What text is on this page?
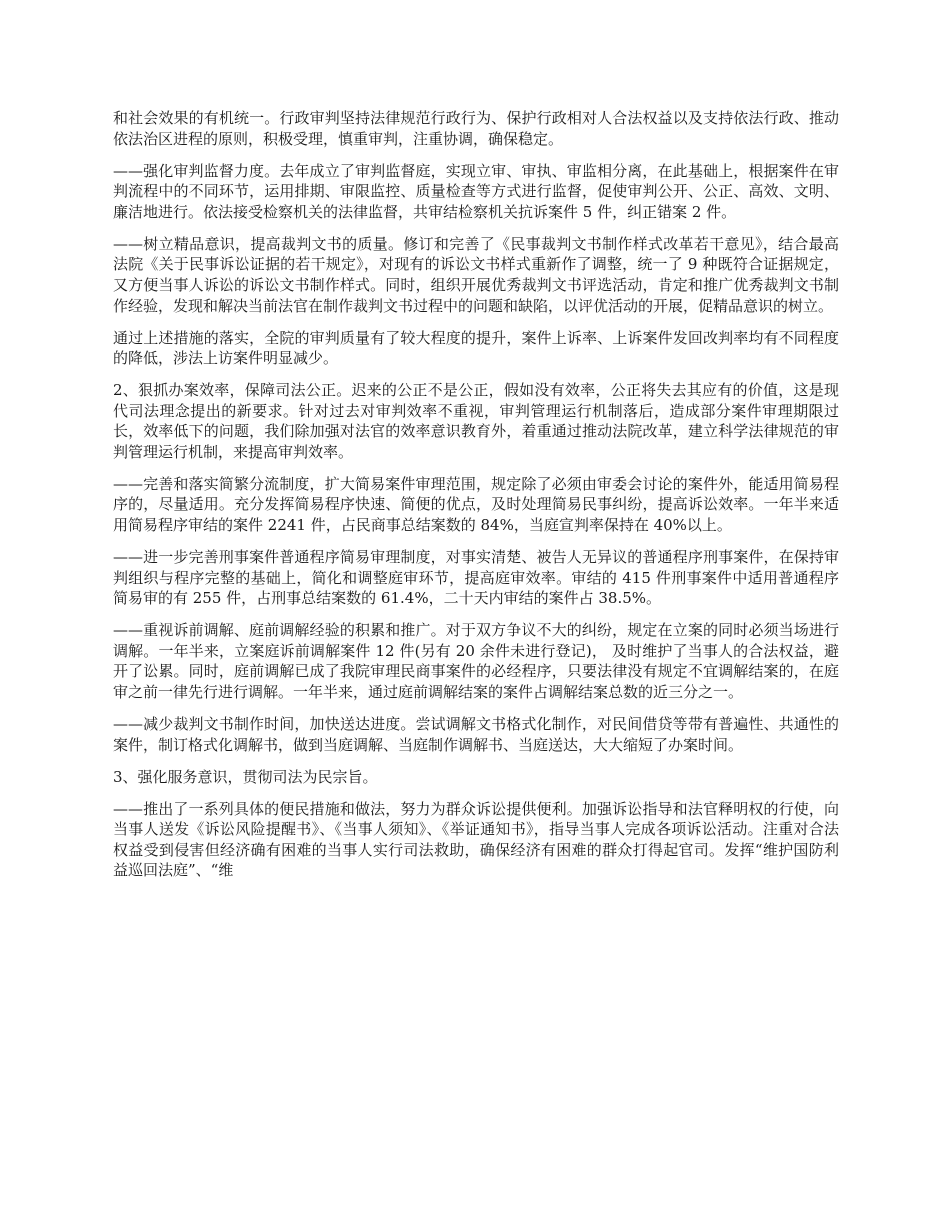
和社会效果的有机统一。行政审判坚持法律规范行政行为、保护行政相对人合法权益以及支持依法行政、推动依法治区进程的原则，积极受理，慎重审判，注重协调，确保稳定。

——强化审判监督力度。去年成立了审判监督庭，实现立审、审执、审监相分离，在此基础上，根据案件在审判流程中的不同环节，运用排期、审限监控、质量检查等方式进行监督，促使审判公开、公正、高效、文明、廉洁地进行。依法接受检察机关的法律监督，共审结检察机关抗诉案件 5 件，纠正错案 2 件。

——树立精品意识，提高裁判文书的质量。修订和完善了《民事裁判文书制作样式改革若干意见》，结合最高法院《关于民事诉讼证据的若干规定》，对现有的诉讼文书样式重新作了调整，统一了 9 种既符合证据规定，又方便当事人诉讼的诉讼文书制作样式。同时，组织开展优秀裁判文书评选活动，肯定和推广优秀裁判文书制作经验，发现和解决当前法官在制作裁判文书过程中的问题和缺陷，以评优活动的开展，促精品意识的树立。

通过上述措施的落实，全院的审判质量有了较大程度的提升，案件上诉率、上诉案件发回改判率均有不同程度的降低，涉法上访案件明显减少。

2、狠抓办案效率，保障司法公正。迟来的公正不是公正，假如没有效率，公正将失去其应有的价值，这是现代司法理念提出的新要求。针对过去对审判效率不重视，审判管理运行机制落后，造成部分案件审理期限过长，效率低下的问题，我们除加强对法官的效率意识教育外，着重通过推动法院改革，建立科学法律规范的审判管理运行机制，来提高审判效率。

——完善和落实简繁分流制度，扩大简易案件审理范围，规定除了必须由审委会讨论的案件外，能适用简易程序的，尽量适用。充分发挥简易程序快速、简便的优点，及时处理简易民事纠纷，提高诉讼效率。一年半来适用简易程序审结的案件 2241 件，占民商事总结案数的 84%，当庭宣判率保持在 40%以上。

——进一步完善刑事案件普通程序简易审理制度，对事实清楚、被告人无异议的普通程序刑事案件，在保持审判组织与程序完整的基础上，简化和调整庭审环节，提高庭审效率。审结的 415 件刑事案件中适用普通程序简易审的有 255 件，占刑事总结案数的 61.4%，二十天内审结的案件占 38.5%。

——重视诉前调解、庭前调解经验的积累和推广。对于双方争议不大的纠纷，规定在立案的同时必须当场进行调解。一年半来，立案庭诉前调解案件 12 件(另有 20 余件未进行登记)， 及时维护了当事人的合法权益，避开了讼累。同时，庭前调解已成了我院审理民商事案件的必经程序，只要法律没有规定不宜调解结案的，在庭审之前一律先行进行调解。一年半来，通过庭前调解结案的案件占调解结案总数的近三分之一。

——减少裁判文书制作时间，加快送达进度。尝试调解文书格式化制作，对民间借贷等带有普遍性、共通性的案件，制订格式化调解书，做到当庭调解、当庭制作调解书、当庭送达，大大缩短了办案时间。

3、强化服务意识，贯彻司法为民宗旨。

——推出了一系列具体的便民措施和做法，努力为群众诉讼提供便利。加强诉讼指导和法官释明权的行使，向当事人送发《诉讼风险提醒书》、《当事人须知》、《举证通知书》，指导当事人完成各项诉讼活动。注重对合法权益受到侵害但经济确有困难的当事人实行司法救助，确保经济有困难的群众打得起官司。发挥“维护国防利益巡回法庭”、“维
